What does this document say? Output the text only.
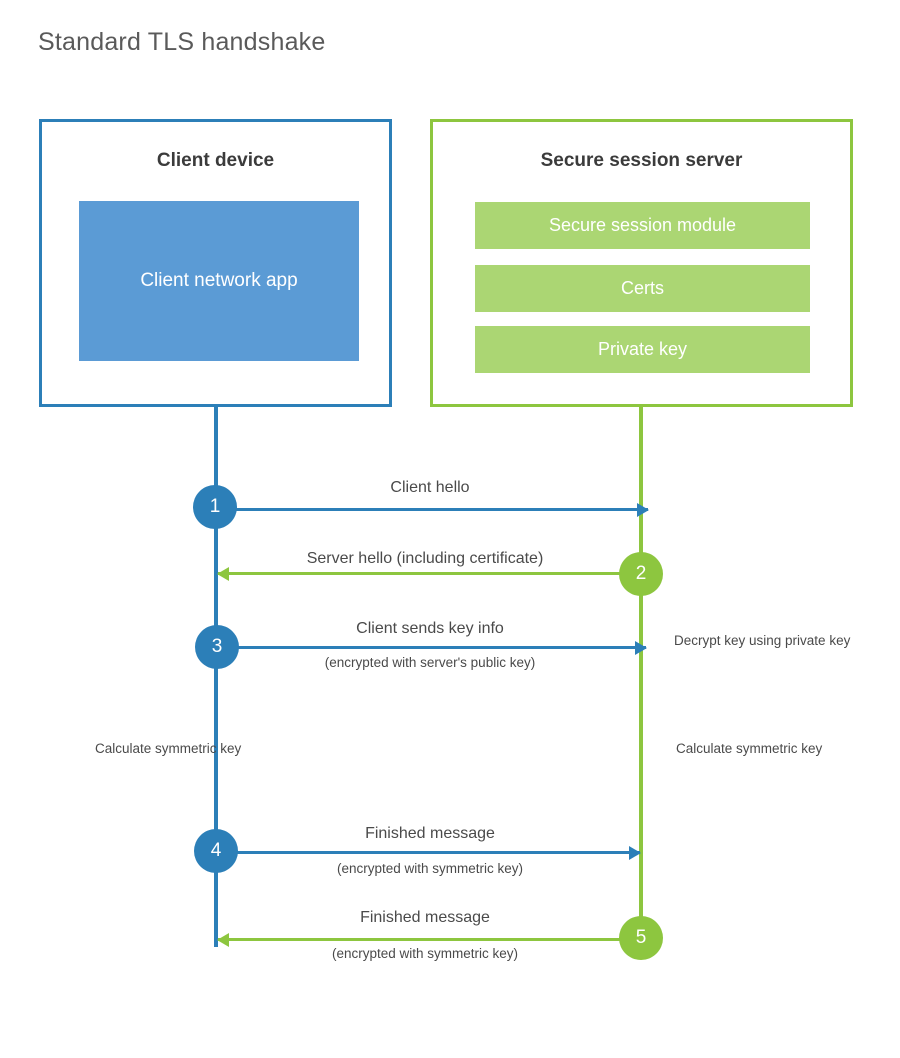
Standard TLS handshake
Client device
Client network app
Secure session server
Secure session module
Certs
Private key
1
2
3
4
5
Client hello
Server hello (including certificate)
Client sends key info
(encrypted with server's public key)
Finished message
(encrypted with symmetric key)
Finished message
(encrypted with symmetric key)
Decrypt key using private key
Calculate symmetric key	Calculate symmetric key
